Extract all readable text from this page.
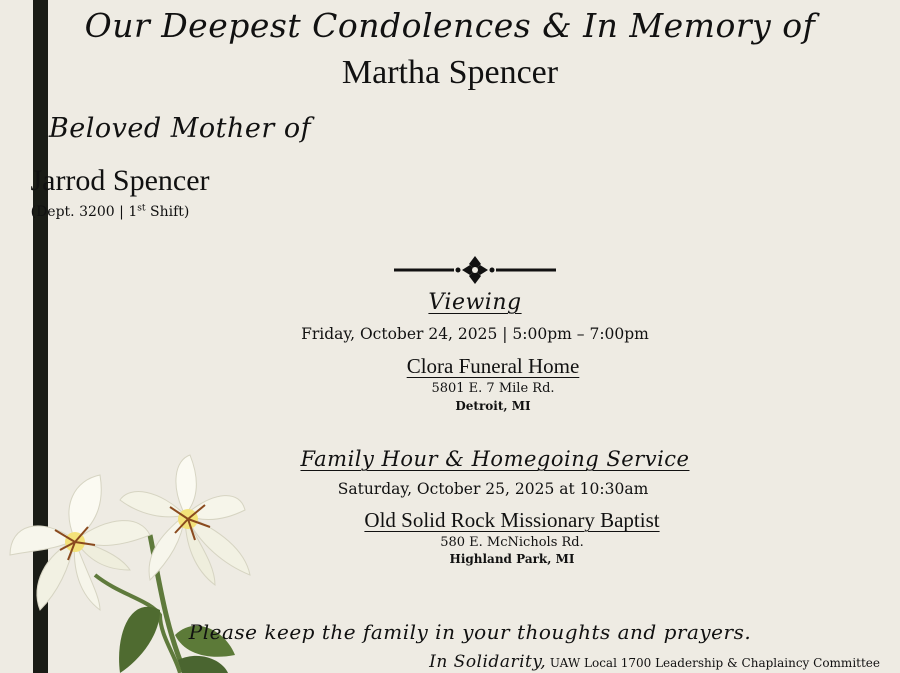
Our Deepest Condolences & In Memory of
Martha Spencer
Beloved Mother of
Jarrod Spencer
(Dept. 3200 | 1st Shift)
Viewing
Friday, October 24, 2025 | 5:00pm – 7:00pm
Clora Funeral Home
5801 E. 7 Mile Rd.
Detroit, MI
Family Hour & Homegoing Service
Saturday, October 25, 2025 at 10:30am
Old Solid Rock Missionary Baptist
580 E. McNichols Rd.
Highland Park, MI
Please keep the family in your thoughts and prayers.
In Solidarity, UAW Local 1700 Leadership & Chaplaincy Committee
